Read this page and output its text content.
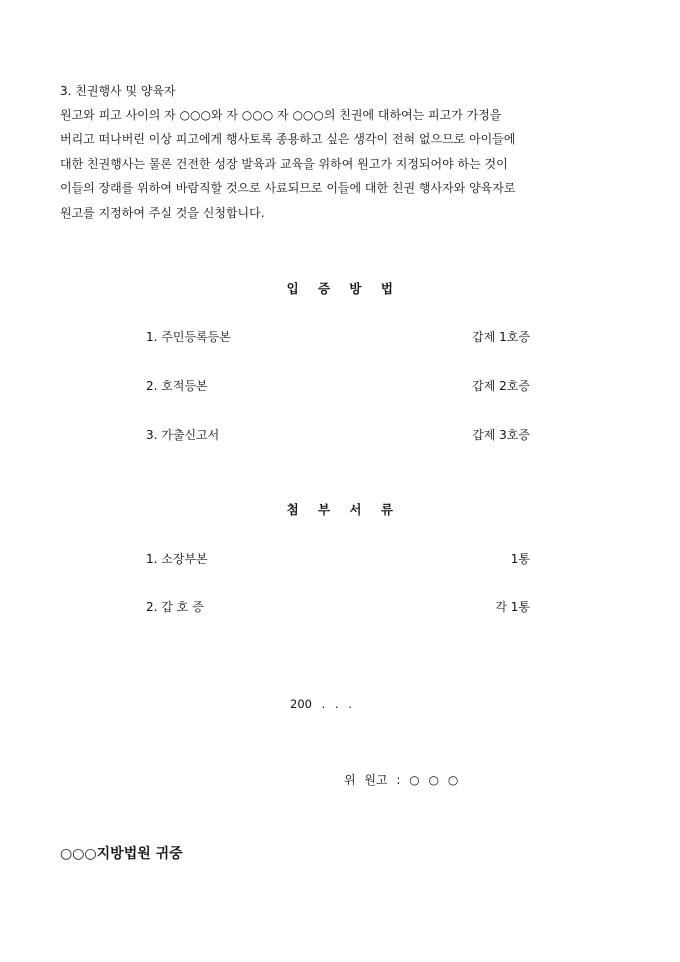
3. 친권행사 및 양육자
원고와 피고 사이의 자 ○○○와 자 ○○○ 자 ○○○의 친권에 대하여는 피고가 가정을
버리고 떠나버린 이상 피고에게 행사토록 종용하고 싶은 생각이 전혀 없으므로 아이들에
대한 친권행사는 물론 건전한 성장 발육과 교육을 위하여 원고가 지정되어야 하는 것이
이들의 장래를 위하여 바람직할 것으로 사료되므로 이들에 대한 친권 행사자와 양육자로
원고를 지정하여 주실 것을 신청합니다.
입 증 방 법
1. 주민등록등본	갑제 1호증
2. 호적등본	갑제 2호증
3. 가출신고서	갑제 3호증
첨 부 서 류
1. 소장부본	1통
2. 갑 호 증	각 1통
200 . . .
위 원고 : ○ ○ ○
○○○지방법원 귀중
